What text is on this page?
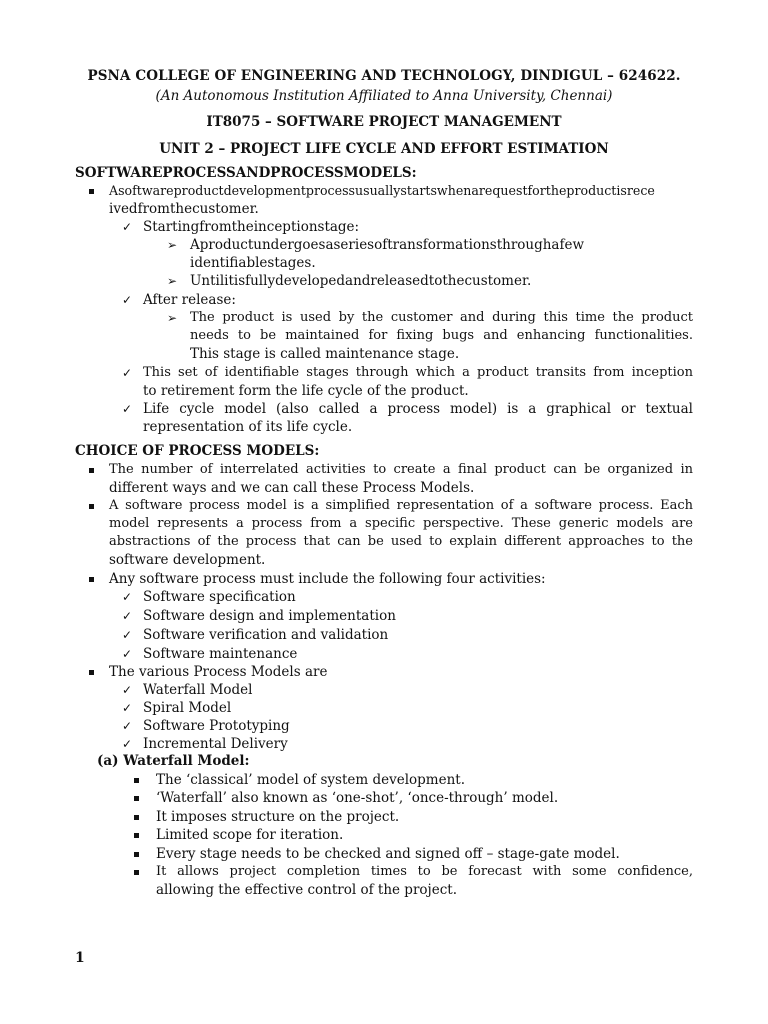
PSNA COLLEGE OF ENGINEERING AND TECHNOLOGY, DINDIGUL – 624622.

(An Autonomous Institution Affiliated to Anna University, Chennai)

IT8075 – SOFTWARE PROJECT MANAGEMENT
UNIT 2 – PROJECT LIFE CYCLE AND EFFORT ESTIMATION
SOFTWAREPROCESSANDPROCESSMODELS:

Asoftwareproductdevelopmentprocessusuallystartswhenarequestfortheproductisrece

ivedfromthecustomer.

✓ Startingfromtheinceptionstage:

➢ Aproductundergoesaseriesoftransformationsthroughafew

identifiablestages.

➢ Untilitisfullydevelopedandreleasedtothecustomer.

✓ After release:

➢ The product is used by the customer and during this time the product

needs to be maintained for fixing bugs and enhancing functionalities.

This stage is called maintenance stage.

✓ This set of identifiable stages through which a product transits from inception

to retirement form the life cycle of the product.

✓ Life cycle model (also called a process model) is a graphical or textual

representation of its life cycle.

CHOICE OF PROCESS MODELS:

The number of interrelated activities to create a final product can be organized in

different ways and we can call these Process Models.

A software process model is a simplified representation of a software process. Each

model represents a process from a specific perspective. These generic models are

abstractions of the process that can be used to explain different approaches to the

software development.

Any software process must include the following four activities:

✓ Software specification

✓ Software design and implementation

✓ Software verification and validation

✓ Software maintenance

The various Process Models are

✓ Waterfall Model

✓ Spiral Model

✓ Software Prototyping

✓ Incremental Delivery

(a) Waterfall Model:

The ‘classical’ model of system development.

‘Waterfall’ also known as ‘one-shot’, ‘once-through’ model.

It imposes structure on the project.

Limited scope for iteration.

Every stage needs to be checked and signed off – stage-gate model.

It allows project completion times to be forecast with some confidence,

allowing the effective control of the project.

1
